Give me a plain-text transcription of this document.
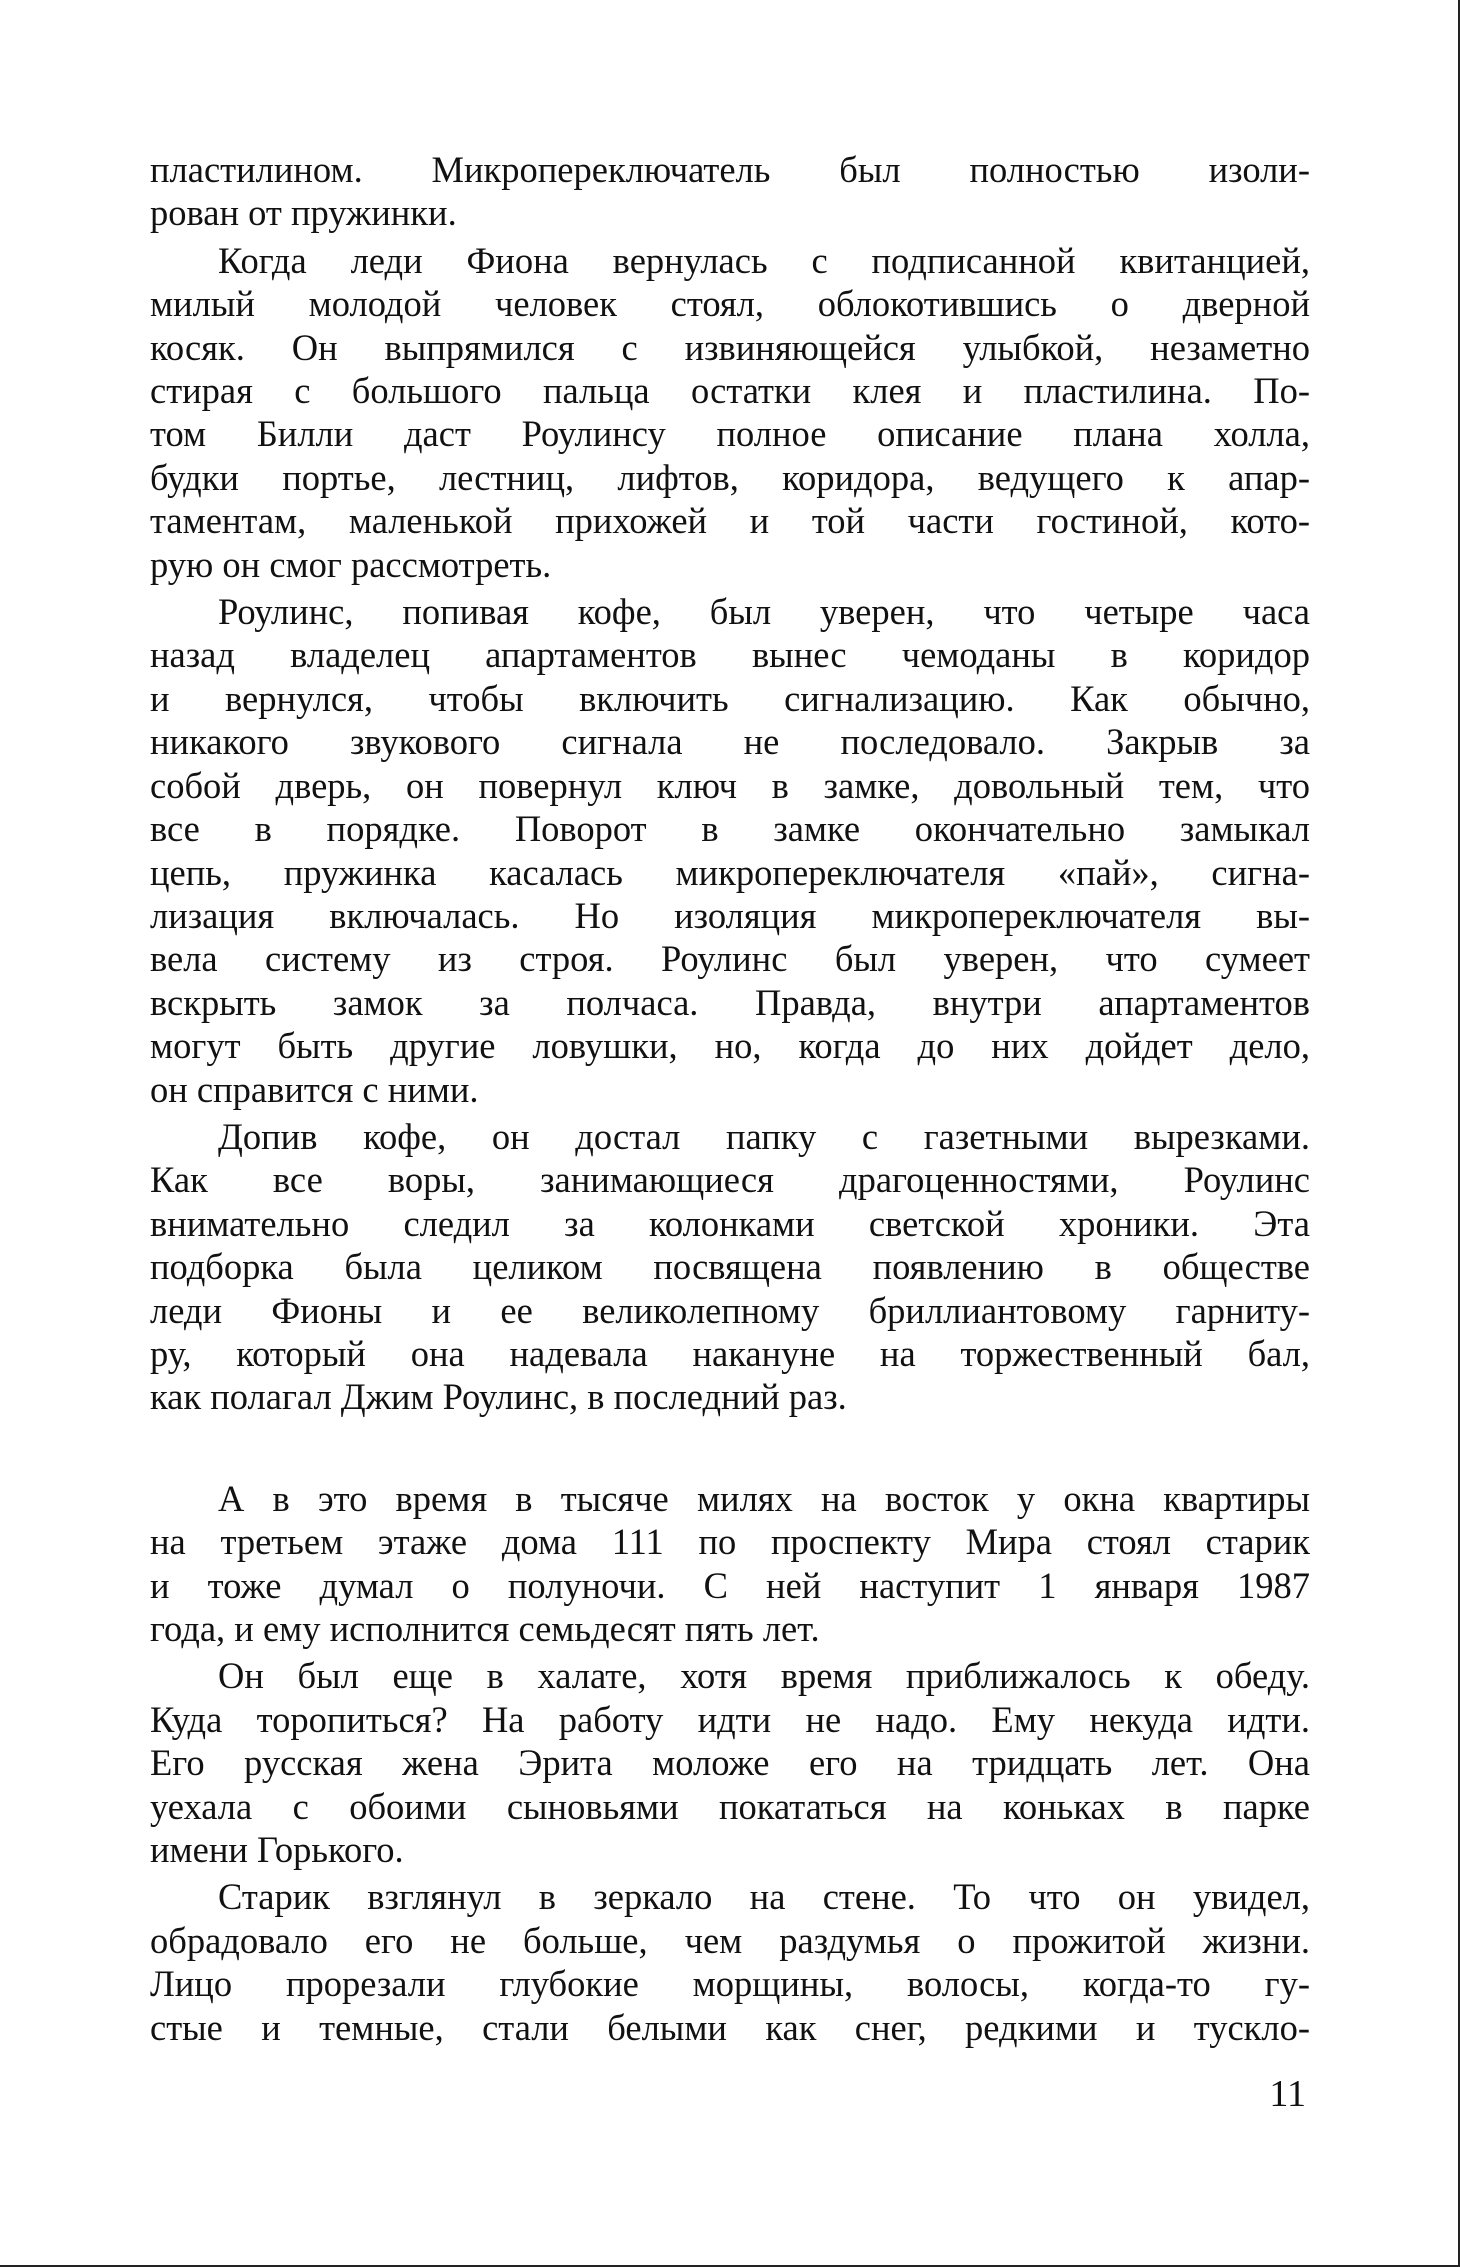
пластилином. Микропереключатель был полностью изоли-
рован от пружинки.
Когда леди Фиона вернулась с подписанной квитанцией,
милый молодой человек стоял, облокотившись о дверной
косяк. Он выпрямился с извиняющейся улыбкой, незаметно
стирая с большого пальца остатки клея и пластилина. По-
том Билли даст Роулинсу полное описание плана холла,
будки портье, лестниц, лифтов, коридора, ведущего к апар-
таментам, маленькой прихожей и той части гостиной, кото-
рую он смог рассмотреть.
Роулинс, попивая кофе, был уверен, что четыре часа
назад владелец апартаментов вынес чемоданы в коридор
и вернулся, чтобы включить сигнализацию. Как обычно,
никакого звукового сигнала не последовало. Закрыв за
собой дверь, он повернул ключ в замке, довольный тем, что
все в порядке. Поворот в замке окончательно замыкал
цепь, пружинка касалась микропереключателя «пай», сигна-
лизация включалась. Но изоляция микропереключателя вы-
вела систему из строя. Роулинс был уверен, что сумеет
вскрыть замок за полчаса. Правда, внутри апартаментов
могут быть другие ловушки, но, когда до них дойдет дело,
он справится с ними.
Допив кофе, он достал папку с газетными вырезками.
Как все воры, занимающиеся драгоценностями, Роулинс
внимательно следил за колонками светской хроники. Эта
подборка была целиком посвящена появлению в обществе
леди Фионы и ее великолепному бриллиантовому гарниту-
ру, который она надевала накануне на торжественный бал,
как полагал Джим Роулинс, в последний раз.
А в это время в тысяче милях на восток у окна квартиры
на третьем этаже дома 111 по проспекту Мира стоял старик
и тоже думал о полуночи. С ней наступит 1 января 1987
года, и ему исполнится семьдесят пять лет.
Он был еще в халате, хотя время приближалось к обеду.
Куда торопиться? На работу идти не надо. Ему некуда идти.
Его русская жена Эрита моложе его на тридцать лет. Она
уехала с обоими сыновьями покататься на коньках в парке
имени Горького.
Старик взглянул в зеркало на стене. То что он увидел,
обрадовало его не больше, чем раздумья о прожитой жизни.
Лицо прорезали глубокие морщины, волосы, когда-то гу-
стые и темные, стали белыми как снег, редкими и тускло-
11
